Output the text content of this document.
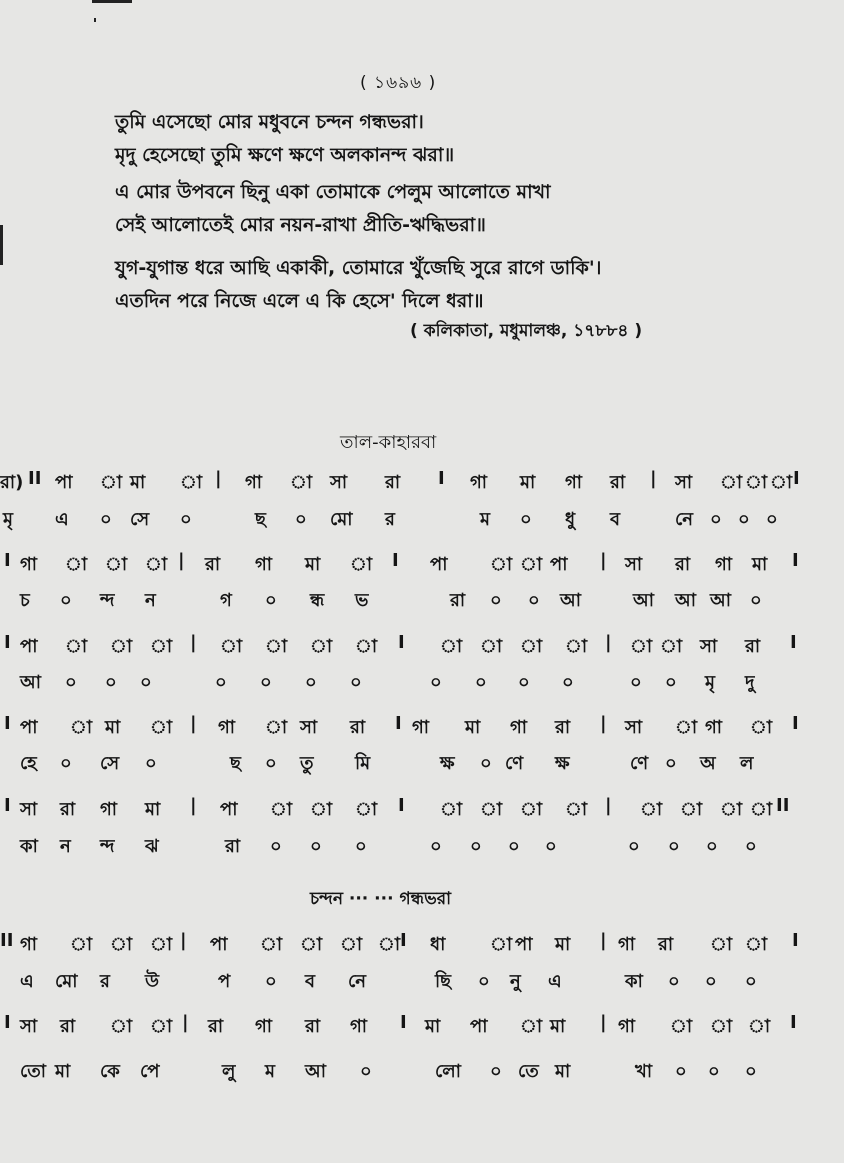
( ১৬৯৬ )
তুমি এসেছো মোর মধুবনে চন্দন গন্ধভরা।
মৃদু হেসেছো তুমি ক্ষণে ক্ষণে অলকানন্দ ঝরা॥
এ মোর উপবনে ছিনু একা তোমাকে পেলুম আলোতে মাখা
সেই আলোতেই মোর নয়ন-রাখা প্রীতি-ঋদ্ধিভরা॥
যুগ-যুগান্ত ধরে আছি একাকী, তোমারে খুঁজেছি সুরে রাগে ডাকি'।
এতদিন পরে নিজে এলে এ কি হেসে' দিলে ধরা॥
( কলিকাতা, মধুমালঞ্চ, ১৭৮৮৪ )
তাল-কাহারবা
রা) II পা া মা া | গা া সা রা I গা মা গা রা | সা া া া I
মৃ এ ০ সে ০	ছ ০ মো র	ম ০ ধু ব	নে ০ ০ ০
I গা া া া | রা গা মা া I পা া া পা | সা রা গা মা I
চ ০ ন্দ ন	গ ০ ন্ধ ভ	রা ০ ০ আ	আ আ আ ০
I পা া া া | া া া া I া া া া | া া সা রা I
আ ০ ০ ০	০ ০ ০ ০	০ ০ ০ ০	০ ০ মৃ দু
I পা া মা া | গা া সা রা I গা মা গা রা | সা া গা া I
হে ০ সে ০	ছ ০ তু মি	ক্ষ ০ ণে ক্ষ	ণে ০ অ ল
I সা রা গা মা | পা া া া I া া া া | া া া া II
কা ন ন্দ ঝ	রা ০ ০ ০	০ ০ ০ ০	০ ০ ০ ০
II গা া া া | পা া া া া I ধা া পা মা | গা রা া া I
এ মো র উ	প ০ ব নে	ছি ০ নু এ	কা ০ ০ ০
I সা রা া া | রা গা রা গা I মা পা া মা | গা া া া I
তো মা কে পে	লু ম আ ০	লো ০ তে মা	খা ০ ০ ০
চন্দন ··· ··· গন্ধভরা
